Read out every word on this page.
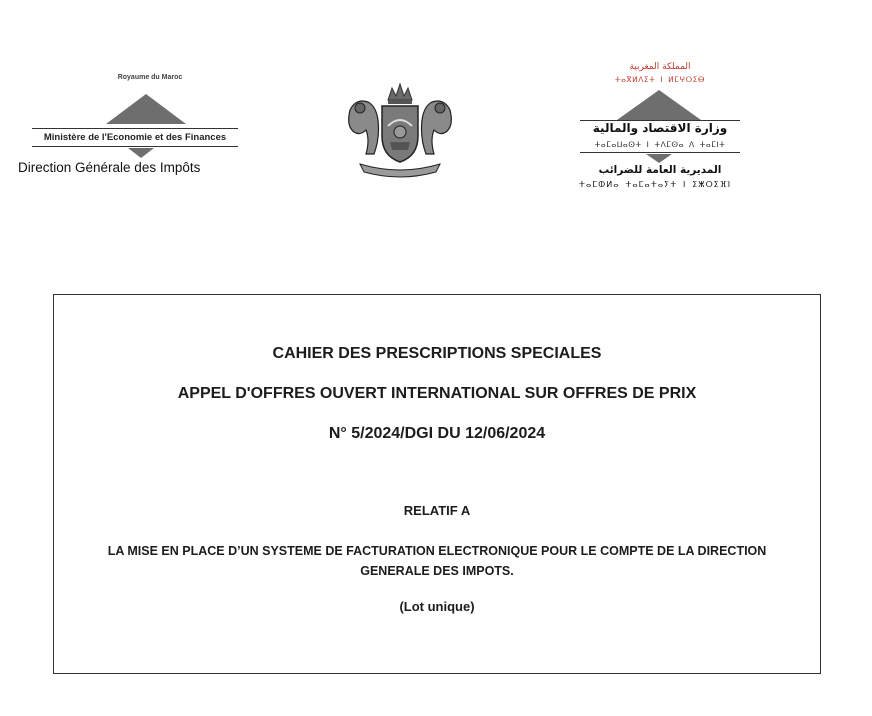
Royaume du Maroc
Ministère de l'Economie et des Finances
Direction Générale des Impôts
المملكة المغربية
ⵜⴰⴳⵍⴷⵉⵜ ⵏ ⵍⵎⵖⵔⵉⴱ
وزارة الاقتصاد والمالية
ⵜⴰⵎⴰⵡⴰⵙⵜ ⵏ ⵜⴷⵎⵙⴰ ⴷ ⵜⴰⵎⵏⵜ
المديرية العامة للضرائب
ⵜⴰⵎⵀⵍⴰ ⵜⴰⵎⴰⵜⴰⵢⵜ ⵏ ⵉⵥⵔⵉⴼⵏ
CAHIER DES PRESCRIPTIONS SPECIALES
APPEL D'OFFRES OUVERT INTERNATIONAL SUR OFFRES DE PRIX
N° 5/2024/DGI DU 12/06/2024
RELATIF A
LA MISE EN PLACE D’UN SYSTEME DE FACTURATION ELECTRONIQUE POUR LE COMPTE DE LA DIRECTION GENERALE DES IMPOTS.
(Lot unique)
